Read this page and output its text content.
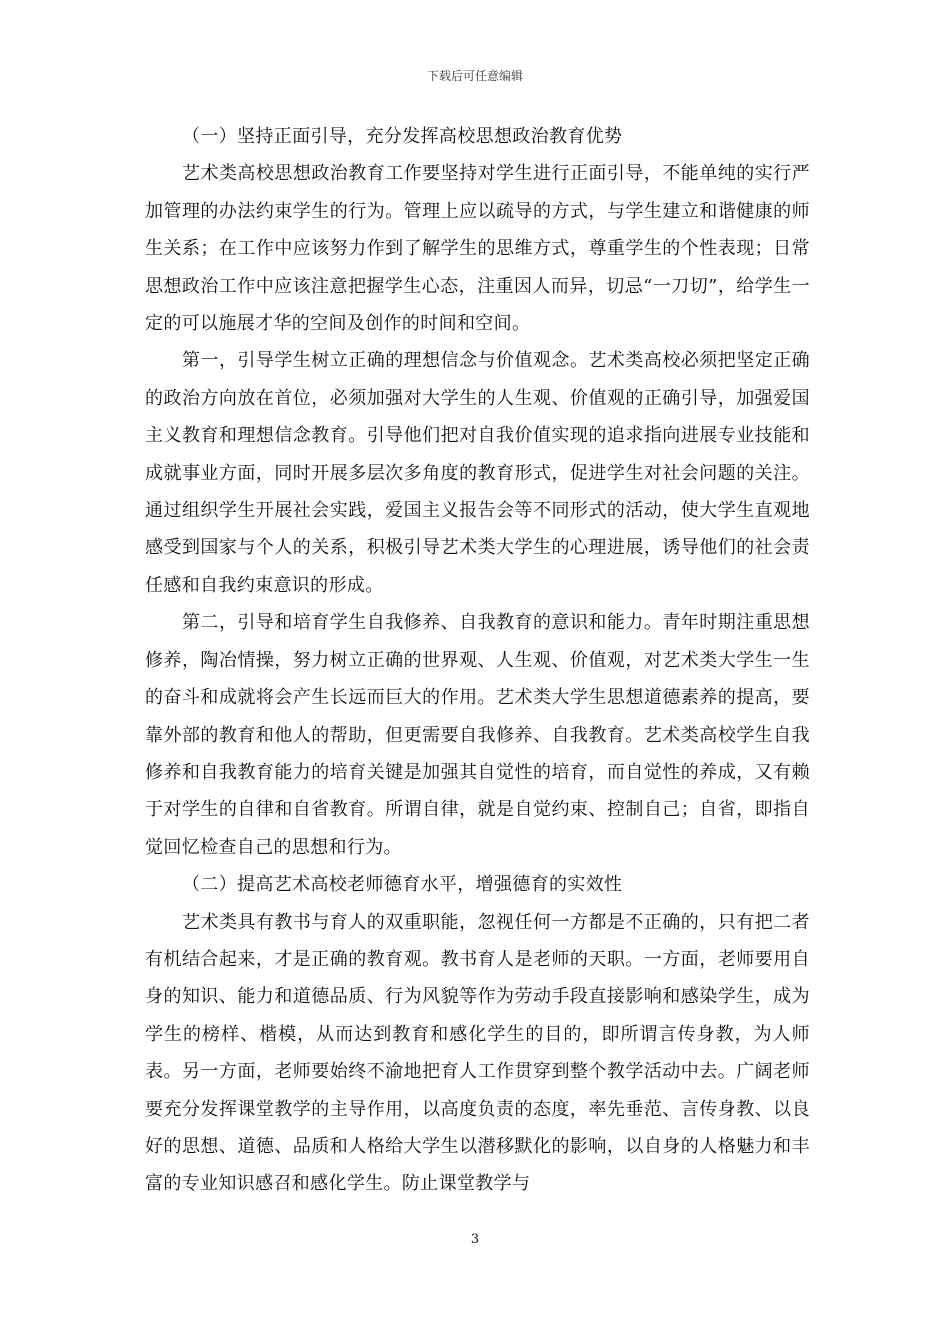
下载后可任意编辑

（一）坚持正面引导，充分发挥高校思想政治教育优势

艺术类高校思想政治教育工作要坚持对学生进行正面引导，不能单纯的实行严加管理的办法约束学生的行为。管理上应以疏导的方式，与学生建立和谐健康的师生关系；在工作中应该努力作到了解学生的思维方式，尊重学生的个性表现；日常思想政治工作中应该注意把握学生心态，注重因人而异，切忌“一刀切”，给学生一定的可以施展才华的空间及创作的时间和空间。

第一，引导学生树立正确的理想信念与价值观念。艺术类高校必须把坚定正确的政治方向放在首位，必须加强对大学生的人生观、价值观的正确引导，加强爱国主义教育和理想信念教育。引导他们把对自我价值实现的追求指向进展专业技能和成就事业方面，同时开展多层次多角度的教育形式，促进学生对社会问题的关注。通过组织学生开展社会实践，爱国主义报告会等不同形式的活动，使大学生直观地感受到国家与个人的关系，积极引导艺术类大学生的心理进展，诱导他们的社会责任感和自我约束意识的形成。

第二，引导和培育学生自我修养、自我教育的意识和能力。青年时期注重思想修养，陶冶情操，努力树立正确的世界观、人生观、价值观，对艺术类大学生一生的奋斗和成就将会产生长远而巨大的作用。艺术类大学生思想道德素养的提高，要靠外部的教育和他人的帮助，但更需要自我修养、自我教育。艺术类高校学生自我修养和自我教育能力的培育关键是加强其自觉性的培育，而自觉性的养成，又有赖于对学生的自律和自省教育。所谓自律，就是自觉约束、控制自己；自省，即指自觉回忆检查自己的思想和行为。

（二）提高艺术高校老师德育水平，增强德育的实效性

艺术类具有教书与育人的双重职能，忽视任何一方都是不正确的，只有把二者有机结合起来，才是正确的教育观。教书育人是老师的天职。一方面，老师要用自身的知识、能力和道德品质、行为风貌等作为劳动手段直接影响和感染学生，成为学生的榜样、楷模，从而达到教育和感化学生的目的，即所谓言传身教，为人师表。另一方面，老师要始终不渝地把育人工作贯穿到整个教学活动中去。广阔老师要充分发挥课堂教学的主导作用，以高度负责的态度，率先垂范、言传身教、以良好的思想、道德、品质和人格给大学生以潜移默化的影响，以自身的人格魅力和丰富的专业知识感召和感化学生。防止课堂教学与

3
